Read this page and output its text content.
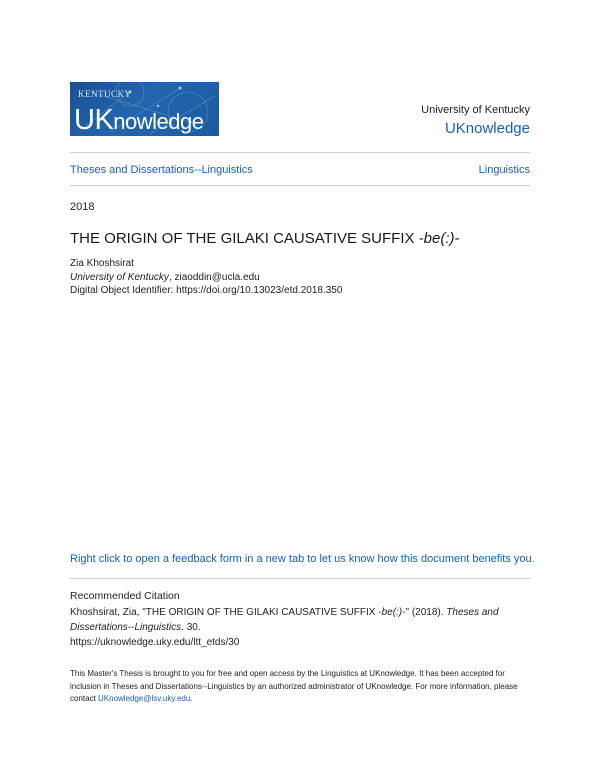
KENTUCKY
UKnowledge	University of Kentucky
UKnowledge
Theses and Dissertations--Linguistics	Linguistics
2018
THE ORIGIN OF THE GILAKI CAUSATIVE SUFFIX -be(:)-
Zia Khoshsirat
University of Kentucky, ziaoddin@ucla.edu
Digital Object Identifier: https://doi.org/10.13023/etd.2018.350
Right click to open a feedback form in a new tab to let us know how this document benefits you.
Recommended Citation
Khoshsirat, Zia, "THE ORIGIN OF THE GILAKI CAUSATIVE SUFFIX -be(:)-" (2018). Theses and Dissertations--Linguistics. 30.
https://uknowledge.uky.edu/ltt_etds/30
This Master's Thesis is brought to you for free and open access by the Linguistics at UKnowledge. It has been accepted for inclusion in Theses and Dissertations--Linguistics by an authorized administrator of UKnowledge. For more information, please contact UKnowledge@lsv.uky.edu.
